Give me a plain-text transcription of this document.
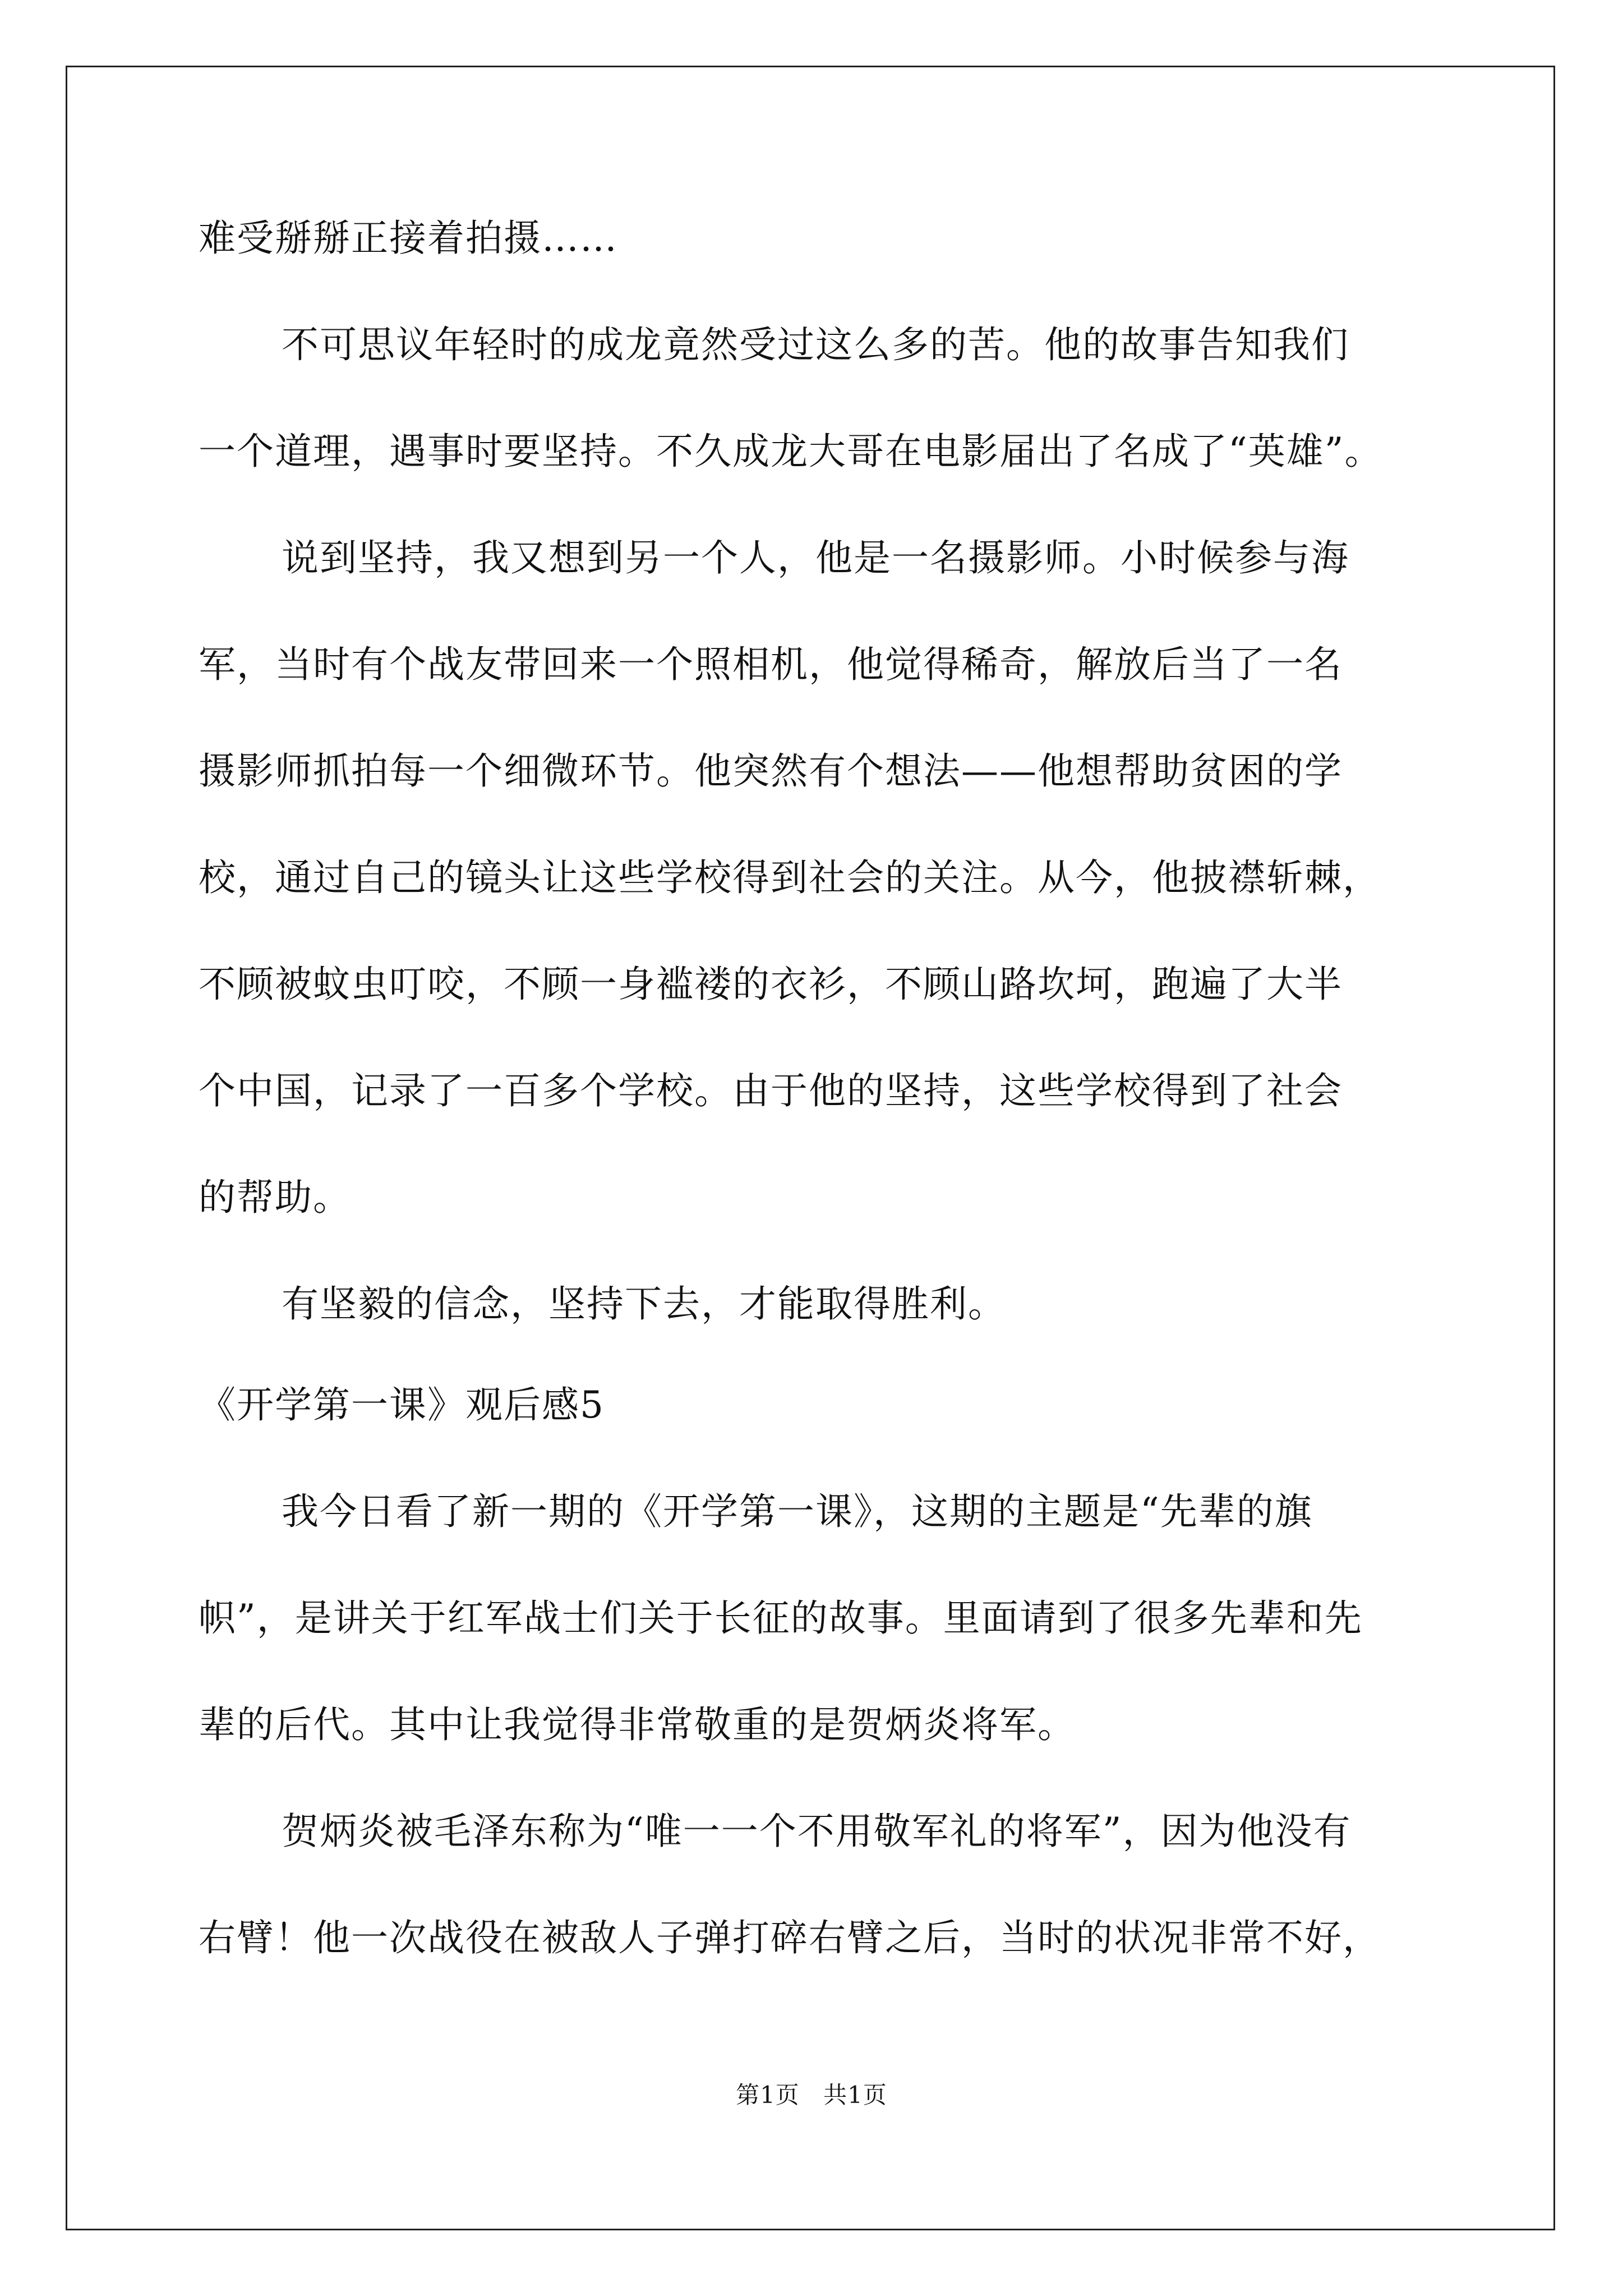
难受掰掰正接着拍摄……
不可思议年轻时的成龙竟然受过这么多的苦。他的故事告知我们
一个道理，遇事时要坚持。不久成龙大哥在电影届出了名成了“英雄”。
说到坚持，我又想到另一个人，他是一名摄影师。小时候参与海
军，当时有个战友带回来一个照相机，他觉得稀奇，解放后当了一名
摄影师抓拍每一个细微环节。他突然有个想法——他想帮助贫困的学
校，通过自己的镜头让这些学校得到社会的关注。从今，他披襟斩棘，
不顾被蚊虫叮咬，不顾一身褴褛的衣衫，不顾山路坎坷，跑遍了大半
个中国，记录了一百多个学校。由于他的坚持，这些学校得到了社会
的帮助。
有坚毅的信念，坚持下去，才能取得胜利。
《开学第一课》观后感5
我今日看了新一期的《开学第一课》，这期的主题是“先辈的旗
帜”，是讲关于红军战士们关于长征的故事。里面请到了很多先辈和先
辈的后代。其中让我觉得非常敬重的是贺炳炎将军。
贺炳炎被毛泽东称为“唯一一个不用敬军礼的将军”，因为他没有
右臂！他一次战役在被敌人子弹打碎右臂之后，当时的状况非常不好，
第1页 共1页
